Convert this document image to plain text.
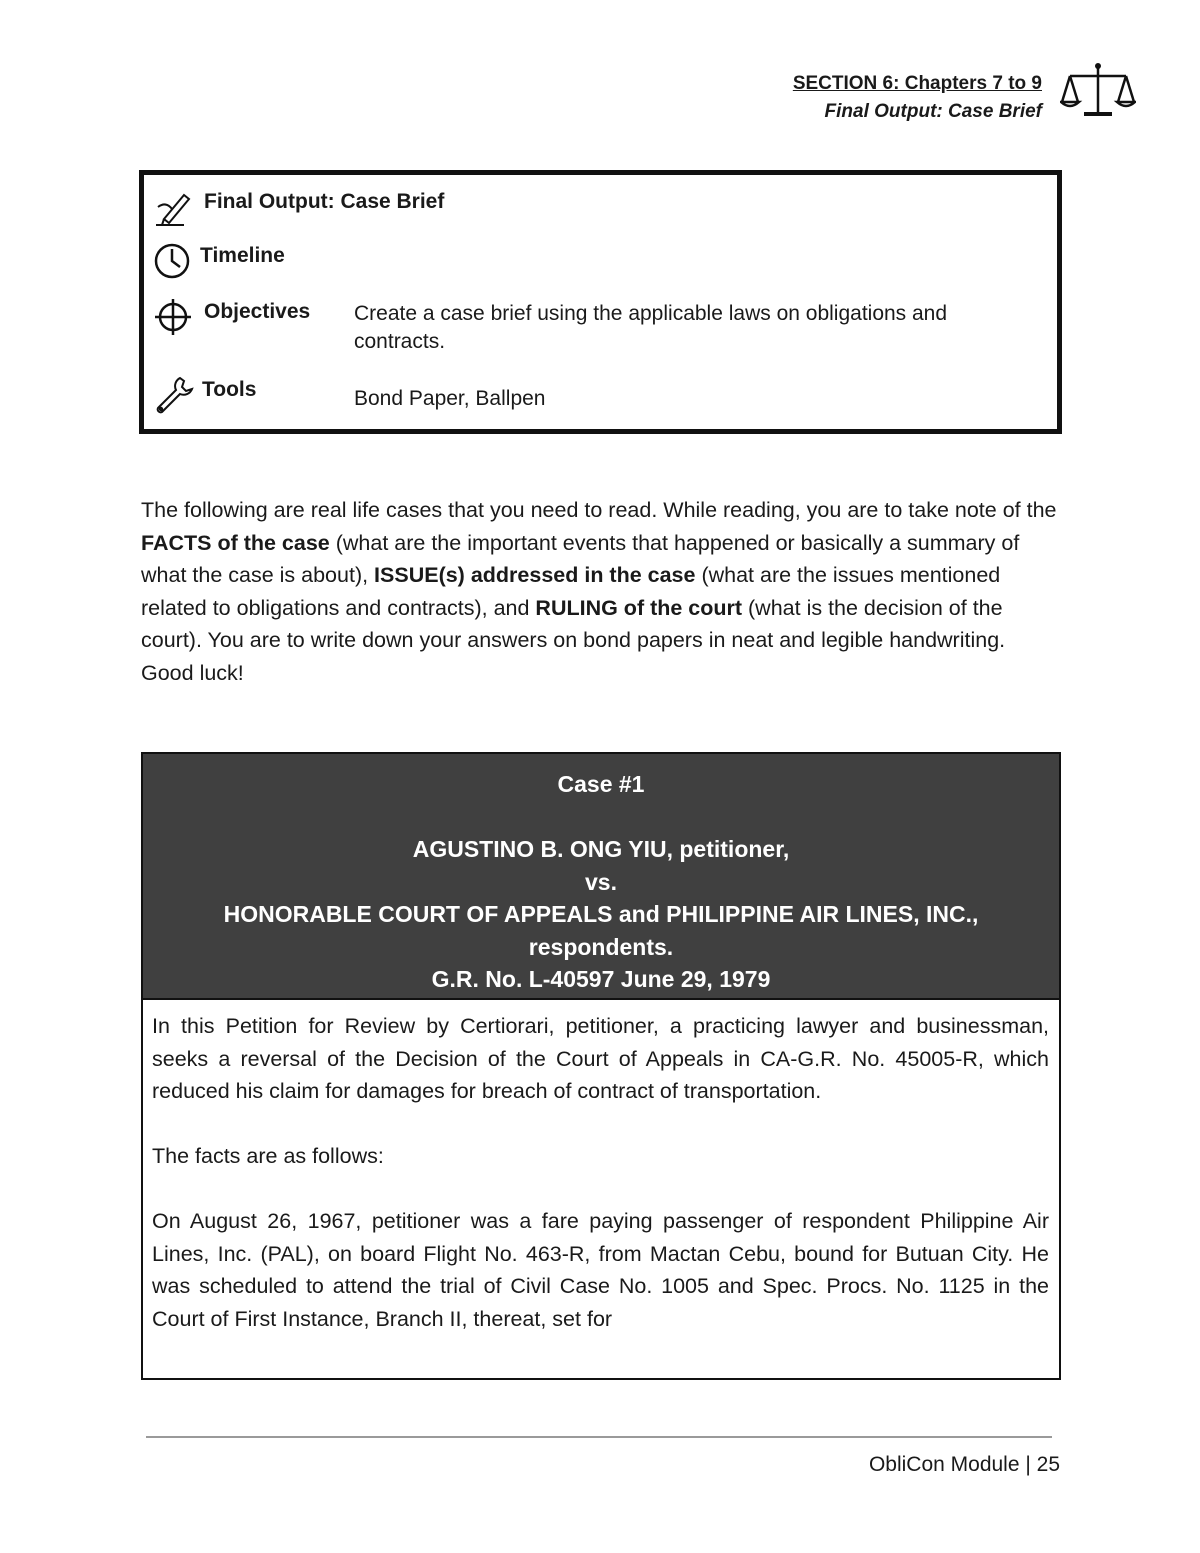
SECTION 6: Chapters 7 to 9
Final Output: Case Brief
Final Output: Case Brief
Timeline
Objectives Create a case brief using the applicable laws on obligations and contracts.
Tools	Bond Paper, Ballpen
The following are real life cases that you need to read. While reading, you are to take note of the FACTS of the case (what are the important events that happened or basically a summary of what the case is about), ISSUE(s) addressed in the case (what are the issues mentioned related to obligations and contracts), and RULING of the court (what is the decision of the court). You are to write down your answers on bond papers in neat and legible handwriting. Good luck!
Case #1
AGUSTINO B. ONG YIU, petitioner,
vs.
HONORABLE COURT OF APPEALS and PHILIPPINE AIR LINES, INC., respondents.
G.R. No. L-40597 June 29, 1979

In this Petition for Review by Certiorari, petitioner, a practicing lawyer and businessman, seeks a reversal of the Decision of the Court of Appeals in CA-G.R. No. 45005-R, which reduced his claim for damages for breach of contract of transportation.

The facts are as follows:

On August 26, 1967, petitioner was a fare paying passenger of respondent Philippine Air Lines, Inc. (PAL), on board Flight No. 463-R, from Mactan Cebu, bound for Butuan City. He was scheduled to attend the trial of Civil Case No. 1005 and Spec. Procs. No. 1125 in the Court of First Instance, Branch II, thereat, set for

ObliCon Module | 25
